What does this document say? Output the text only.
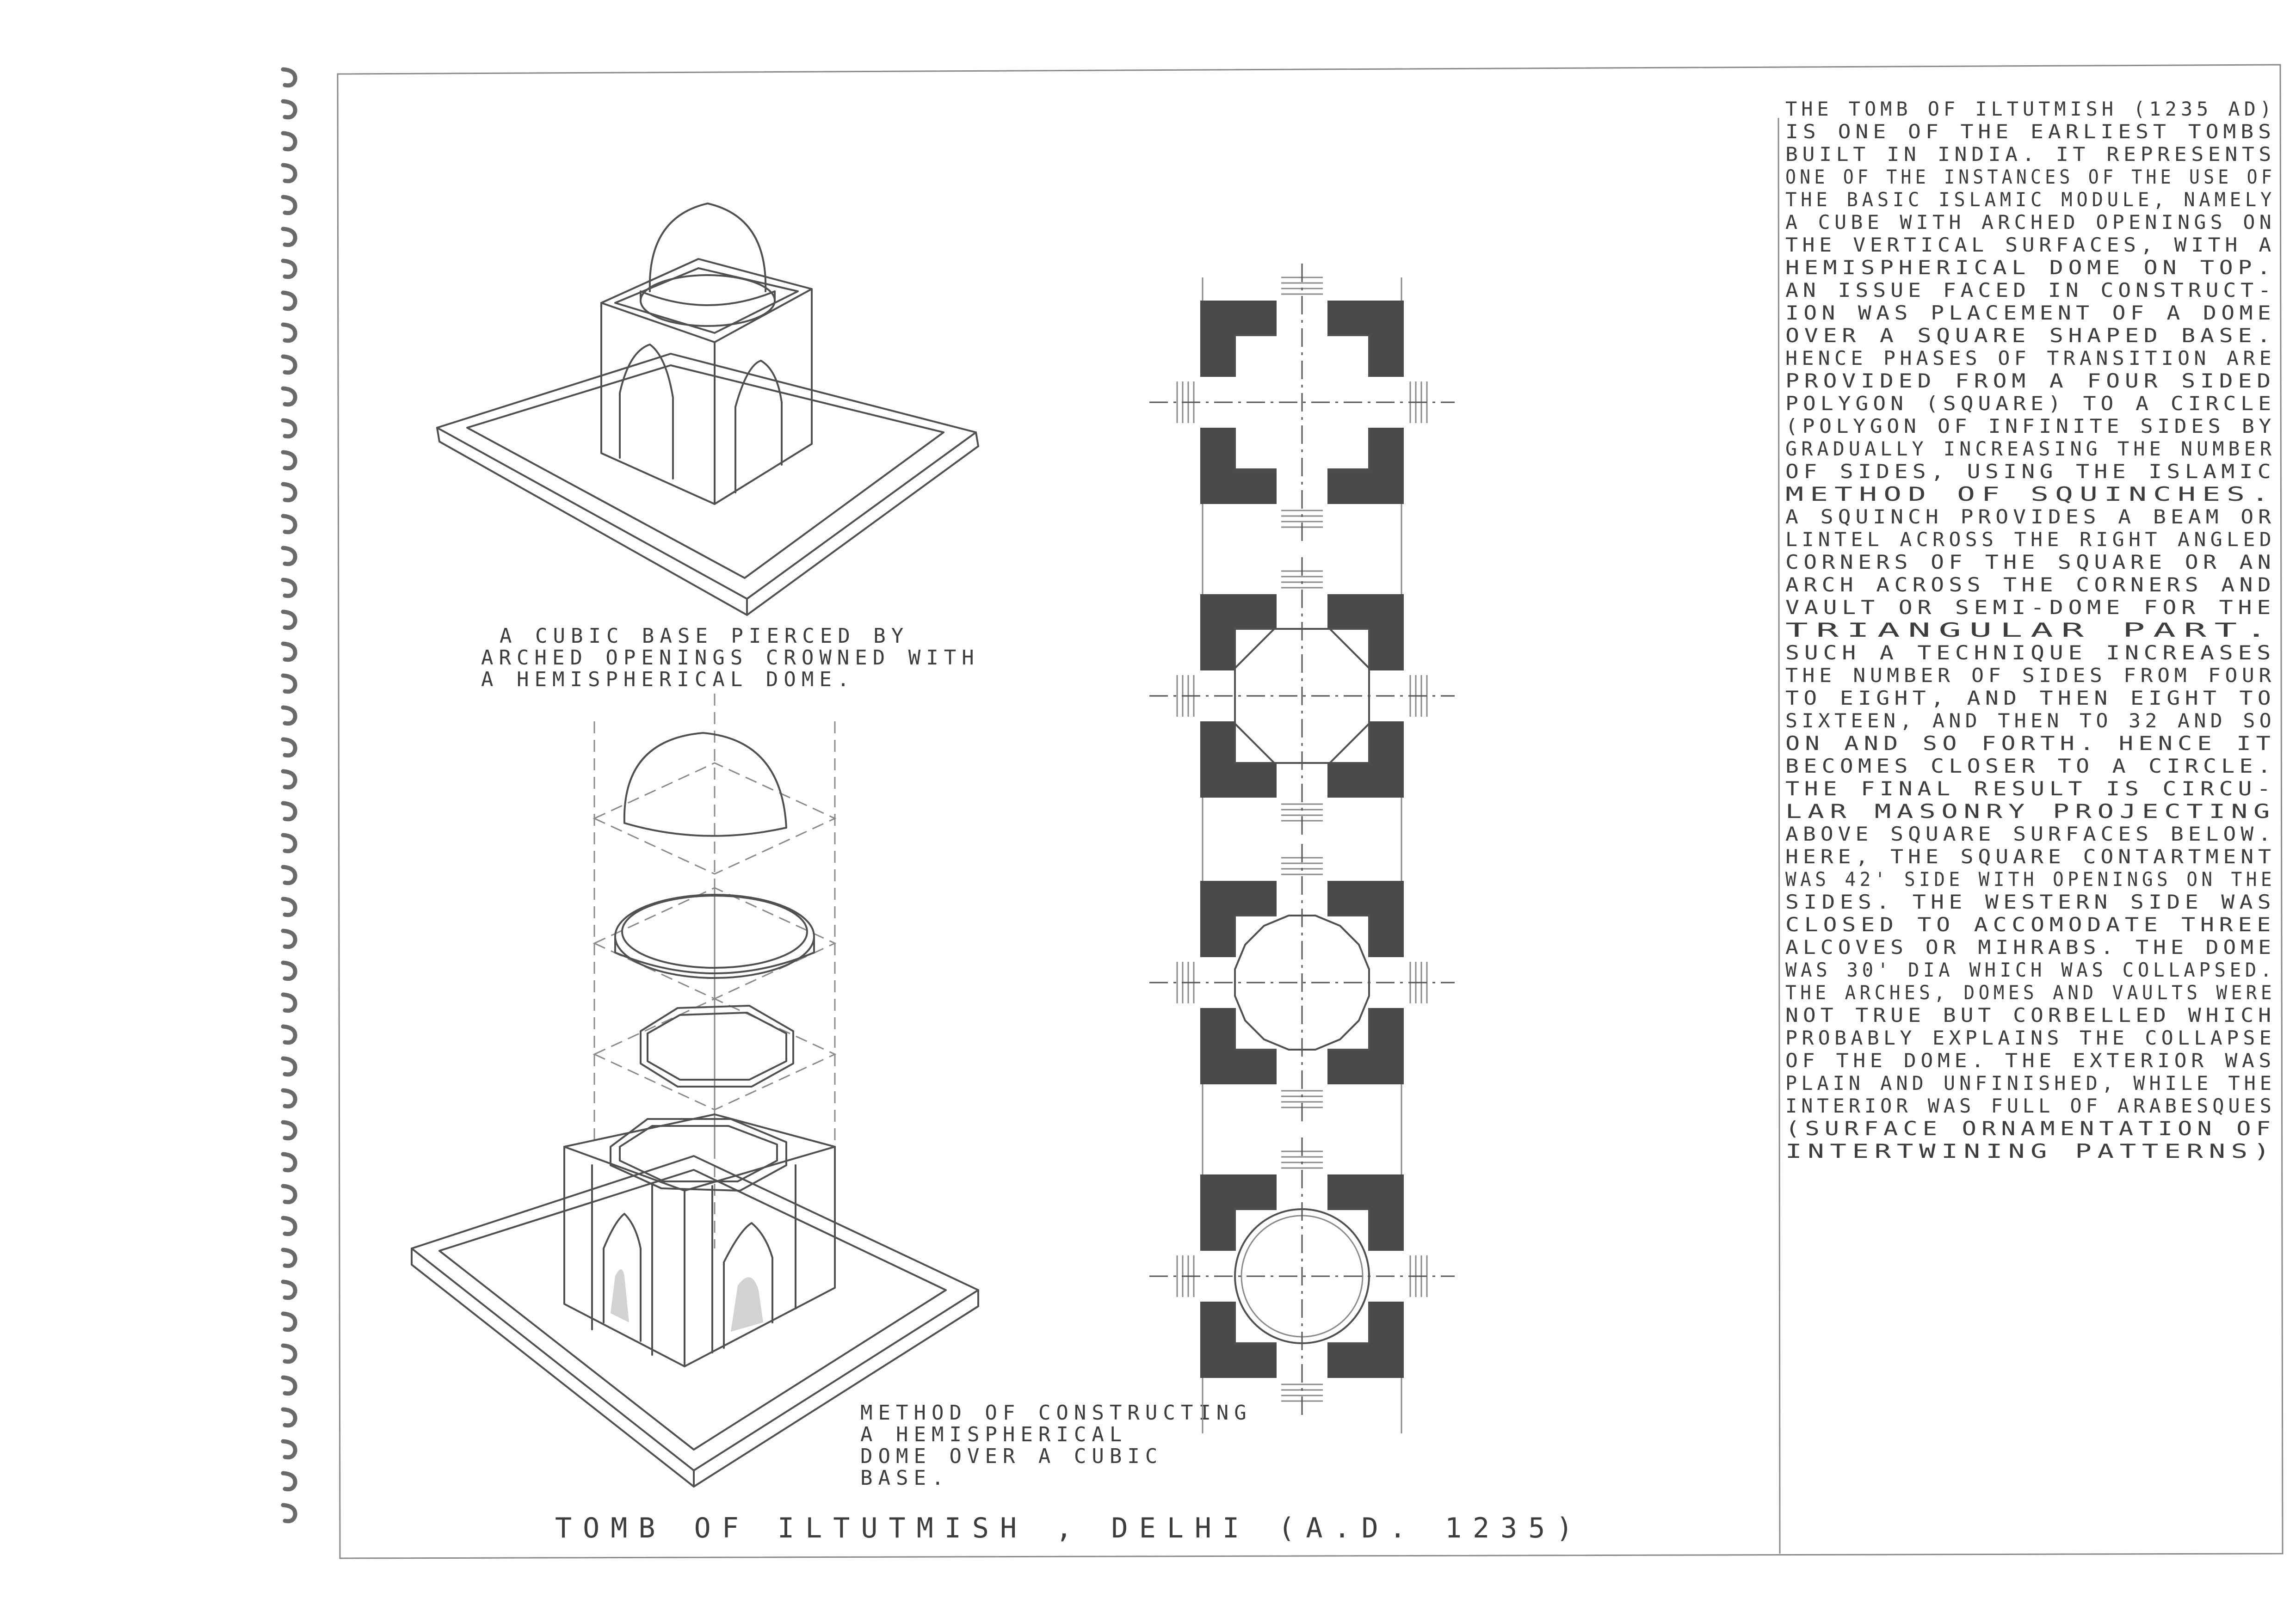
A CUBIC BASE PIERCED BY
ARCHED OPENINGS CROWNED WITH
A HEMISPHERICAL DOME.
METHOD OF CONSTRUCTING
A HEMISPHERICAL
DOME OVER A CUBIC
BASE.
THE TOMB OF ILTUTMISH (1235 AD)
IS ONE OF THE EARLIEST TOMBS
BUILT IN INDIA. IT REPRESENTS
ONE OF THE INSTANCES OF THE USE OF
THE BASIC ISLAMIC MODULE, NAMELY
A CUBE WITH ARCHED OPENINGS ON
THE VERTICAL SURFACES, WITH A
HEMISPHERICAL DOME ON TOP.
AN ISSUE FACED IN CONSTRUCT-
ION WAS PLACEMENT OF A DOME
OVER A SQUARE SHAPED BASE.
HENCE PHASES OF TRANSITION ARE
PROVIDED FROM A FOUR SIDED
POLYGON (SQUARE) TO A CIRCLE
(POLYGON OF INFINITE SIDES BY
GRADUALLY INCREASING THE NUMBER
OF SIDES, USING THE ISLAMIC
METHOD OF SQUINCHES.
A SQUINCH PROVIDES A BEAM OR
LINTEL ACROSS THE RIGHT ANGLED
CORNERS OF THE SQUARE OR AN
ARCH ACROSS THE CORNERS AND
VAULT OR SEMI-DOME FOR THE
TRIANGULAR PART.
SUCH A TECHNIQUE INCREASES
THE NUMBER OF SIDES FROM FOUR
TO EIGHT, AND THEN EIGHT TO
SIXTEEN, AND THEN TO 32 AND SO
ON AND SO FORTH. HENCE IT
BECOMES CLOSER TO A CIRCLE.
THE FINAL RESULT IS CIRCU-
LAR MASONRY PROJECTING
ABOVE SQUARE SURFACES BELOW.
HERE, THE SQUARE CONTARTMENT
WAS 42' SIDE WITH OPENINGS ON THE
SIDES. THE WESTERN SIDE WAS
CLOSED TO ACCOMODATE THREE
ALCOVES OR MIHRABS. THE DOME
WAS 30' DIA WHICH WAS COLLAPSED.
THE ARCHES, DOMES AND VAULTS WERE
NOT TRUE BUT CORBELLED WHICH
PROBABLY EXPLAINS THE COLLAPSE
OF THE DOME. THE EXTERIOR WAS
PLAIN AND UNFINISHED, WHILE THE
INTERIOR WAS FULL OF ARABESQUES
(SURFACE ORNAMENTATION OF
INTERTWINING PATTERNS)
TOMB OF ILTUTMISH , DELHI (A.D. 1235)
